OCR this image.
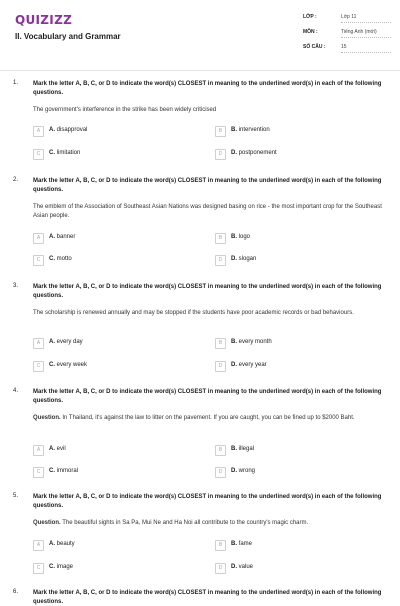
QUIZIZZ
II. Vocabulary and Grammar
LỚP :	Lớp 11
MÔN :	Tiếng Anh (mới)
SỐ CÂU :	15
1. Mark the letter A, B, C, or D to indicate the word(s) CLOSEST in meaning to the underlined word(s) in each of the following questions.
The government's interference in the strike has been widely criticised
A	A. disapproval	B	B. intervention
C	C. limitation	D	D. postponement
2. Mark the letter A, B, C, or D to indicate the word(s) CLOSEST in meaning to the underlined word(s) in each of the following questions.
The emblem of the Association of Southeast Asian Nations was designed basing on rice - the most important crop for the Southeast Asian people.
A	A. banner	B	B. logo
C	C. motto	D	D. slogan
3. Mark the letter A, B, C, or D to indicate the word(s) CLOSEST in meaning to the underlined word(s) in each of the following questions.
The scholarship is renewed annually and may be stopped if the students have poor academic records or bad behaviours.
A	A. every day	B	B. every month
C	C. every week	D	D. every year
4. Mark the letter A, B, C, or D to indicate the word(s) CLOSEST in meaning to the underlined word(s) in each of the following questions.
Question. In Thailand, it's against the law to litter on the pavement. If you are caught, you can be fined up to $2000 Baht.
A	A. evil	B	B. illegal
C	C. immoral	D	D. wrong
5. Mark the letter A, B, C, or D to indicate the word(s) CLOSEST in meaning to the underlined word(s) in each of the following questions.
Question. The beautiful sights in Sa Pa, Mui Ne and Ha Noi all contribute to the country's magic charm.
A	A. beauty	B	B. fame
C	C. image	D	D. value
6. Mark the letter A, B, C, or D to indicate the word(s) CLOSEST in meaning to the underlined word(s) in each of the following questions.
